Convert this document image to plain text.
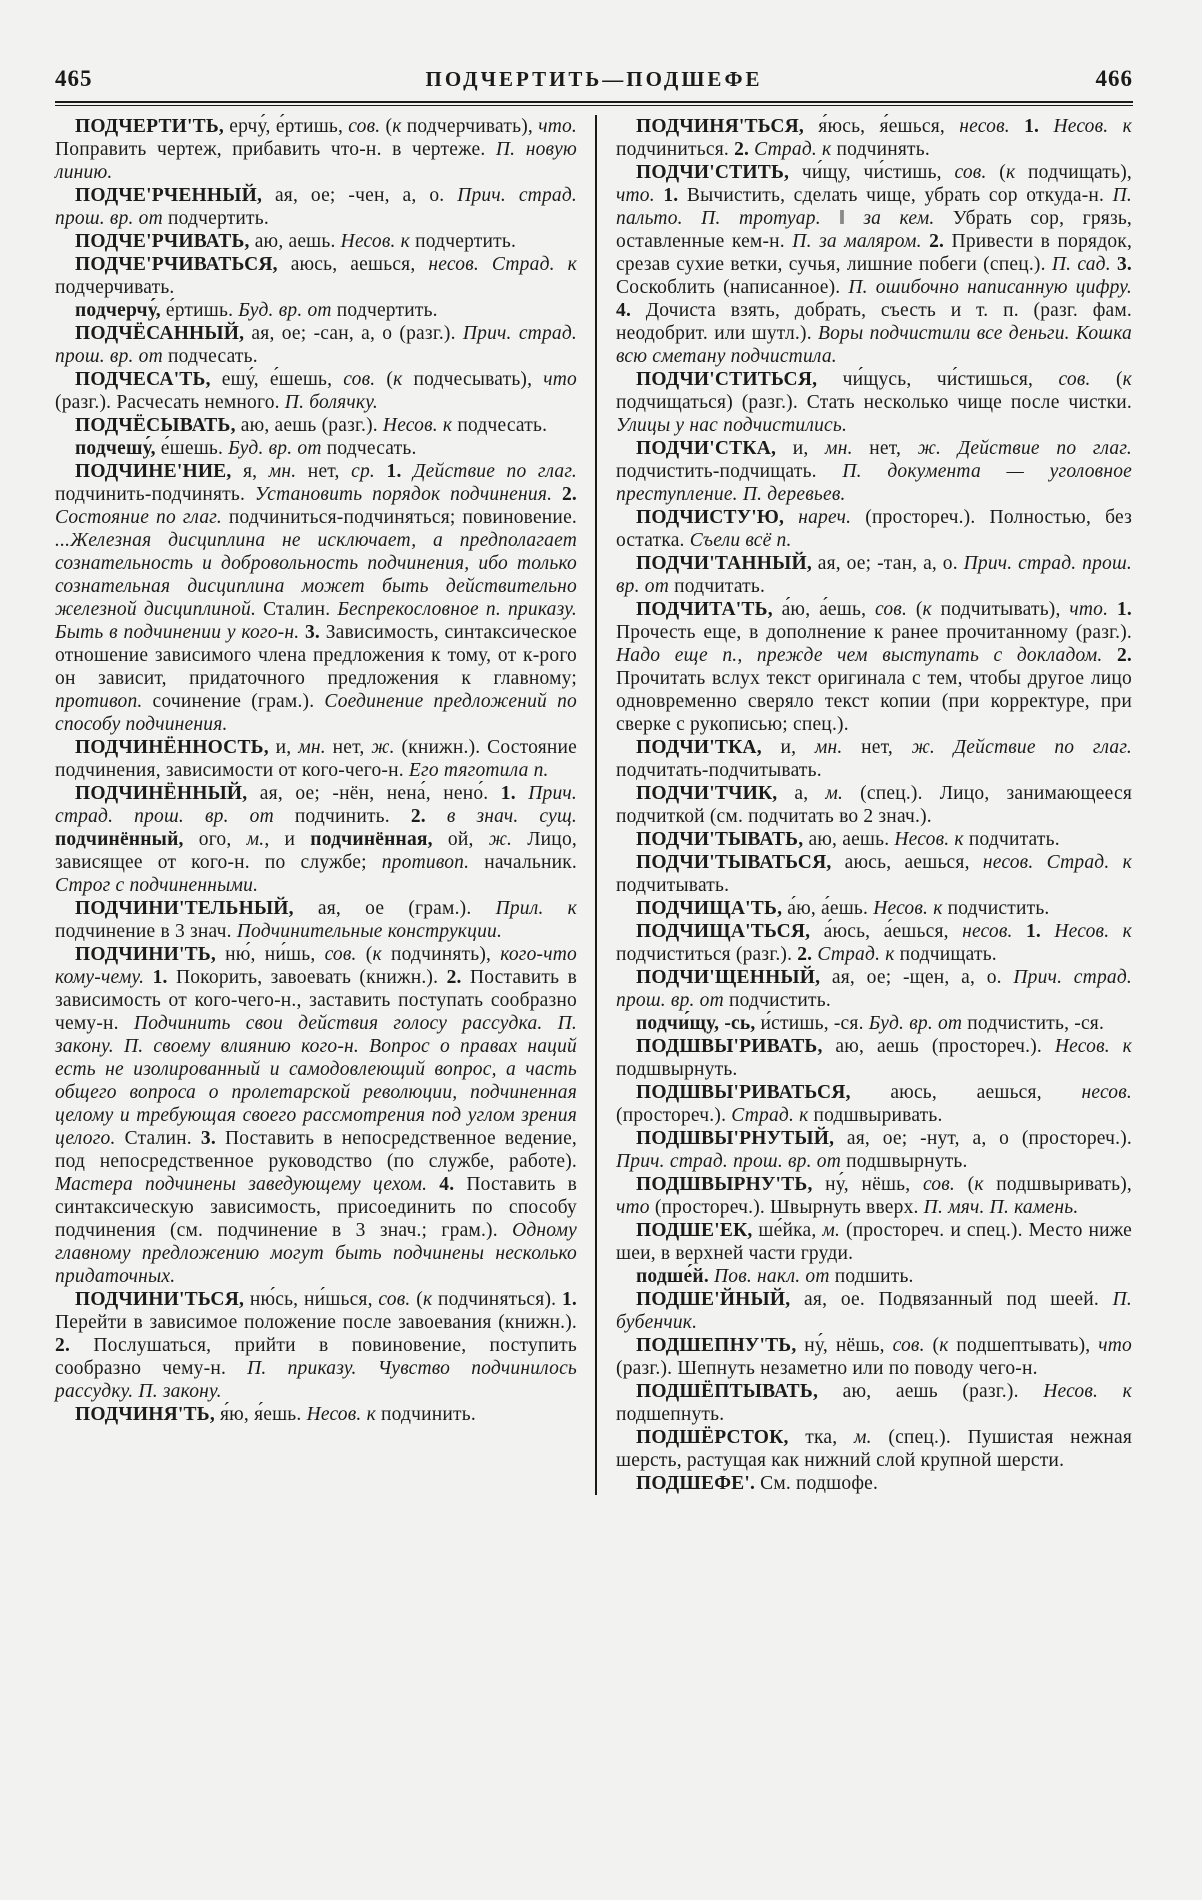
465	ПОДЧЕРТИТЬ—ПОДШЕФЕ	466

ПОДЧЕРТИ'ТЬ, ерчу́, е́ртишь, сов. (к подчерчивать), что. Поправить чертеж, прибавить что-н. в чертеже. П. новую линию.

ПОДЧЕ'РЧЕННЫЙ, ая, ое; -чен, а, о. Прич. страд. прош. вр. от подчертить.

ПОДЧЕ'РЧИВАТЬ, аю, аешь. Несов. к подчертить.

ПОДЧЕ'РЧИВАТЬСЯ, аюсь, аешься, несов. Страд. к подчерчивать.

подчерчу́, е́ртишь. Буд. вр. от подчертить.

ПОДЧЁСАННЫЙ, ая, ое; -сан, а, о (разг.). Прич. страд. прош. вр. от подчесать.

ПОДЧЕСА'ТЬ, ешу́, е́шешь, сов. (к подчесывать), что (разг.). Расчесать немного. П. болячку.

ПОДЧЁСЫВАТЬ, аю, аешь (разг.). Несов. к подчесать.

подчешу́, е́шешь. Буд. вр. от подчесать.

ПОДЧИНЕ'НИЕ, я, мн. нет, ср. 1. Действие по глаг. подчинить-подчинять. Установить порядок подчинения. 2. Состояние по глаг. подчиниться-подчиняться; повиновение. ...Железная дисциплина не исключает, а предполагает сознательность и добровольность подчинения, ибо только сознательная дисциплина может быть действительно железной дисциплиной. Сталин. Беспрекословное п. приказу. Быть в подчинении у кого-н. 3. Зависимость, синтаксическое отношение зависимого члена предложения к тому, от к-рого он зависит, придаточного предложения к главному; противоп. сочинение (грам.). Соединение предложений по способу подчинения.

ПОДЧИНЁННОСТЬ, и, мн. нет, ж. (книжн.). Состояние подчинения, зависимости от кого-чего-н. Его тяготила п.

ПОДЧИНЁННЫЙ, ая, ое; -нён, нена́, нено́. 1. Прич. страд. прош. вр. от подчинить. 2. в знач. сущ. подчинённый, ого, м., и подчинённая, ой, ж. Лицо, зависящее от кого-н. по службе; противоп. начальник. Строг с подчиненными.

ПОДЧИНИ'ТЕЛЬНЫЙ, ая, ое (грам.). Прил. к подчинение в 3 знач. Подчинительные конструкции.

ПОДЧИНИ'ТЬ, ню́, ни́шь, сов. (к подчинять), кого-что кому-чему. 1. Покорить, завоевать (книжн.). 2. Поставить в зависимость от кого-чего-н., заставить поступать сообразно чему-н. Подчинить свои действия голосу рассудка. П. закону. П. своему влиянию кого-н. Вопрос о правах наций есть не изолированный и самодовлеющий вопрос, а часть общего вопроса о пролетарской революции, подчиненная целому и требующая своего рассмотрения под углом зрения целого. Сталин. 3. Поставить в непосредственное ведение, под непосредственное руководство (по службе, работе). Мастера подчинены заведующему цехом. 4. Поставить в синтаксическую зависимость, присоединить по способу подчинения (см. подчинение в 3 знач.; грам.). Одному главному предложению могут быть подчинены несколько придаточных.

ПОДЧИНИ'ТЬСЯ, ню́сь, ни́шься, сов. (к подчиняться). 1. Перейти в зависимое положение после завоевания (книжн.). 2. Послушаться, прийти в повиновение, поступить сообразно чему-н. П. приказу. Чувство подчинилось рассудку. П. закону.

ПОДЧИНЯ'ТЬ, я́ю, я́ешь. Несов. к подчинить.

ПОДЧИНЯ'ТЬСЯ, я́юсь, я́ешься, несов. 1. Несов. к подчиниться. 2. Страд. к подчинять.

ПОДЧИ'СТИТЬ, чи́щу, чи́стишь, сов. (к подчищать), что. 1. Вычистить, сделать чище, убрать сор откуда-н. П. пальто. П. тротуар. ‖ за кем. Убрать сор, грязь, оставленные кем-н. П. за маляром. 2. Привести в порядок, срезав сухие ветки, сучья, лишние побеги (спец.). П. сад. 3. Соскоблить (написанное). П. ошибочно написанную цифру. 4. Дочиста взять, добрать, съесть и т. п. (разг. фам. неодобрит. или шутл.). Воры подчистили все деньги. Кошка всю сметану подчистила.

ПОДЧИ'СТИТЬСЯ, чи́щусь, чи́стишься, сов. (к подчищаться) (разг.). Стать несколько чище после чистки. Улицы у нас подчистились.

ПОДЧИ'СТКА, и, мн. нет, ж. Действие по глаг. подчистить-подчищать. П. документа — уголовное преступление. П. деревьев.

ПОДЧИСТУ'Ю, нареч. (простореч.). Полностью, без остатка. Съели всё п.

ПОДЧИ'ТАННЫЙ, ая, ое; -тан, а, о. Прич. страд. прош. вр. от подчитать.

ПОДЧИТА'ТЬ, а́ю, а́ешь, сов. (к подчитывать), что. 1. Прочесть еще, в дополнение к ранее прочитанному (разг.). Надо еще п., прежде чем выступать с докладом. 2. Прочитать вслух текст оригинала с тем, чтобы другое лицо одновременно сверяло текст копии (при корректуре, при сверке с рукописью; спец.).

ПОДЧИ'ТКА, и, мн. нет, ж. Действие по глаг. подчитать-подчитывать.

ПОДЧИ'ТЧИК, а, м. (спец.). Лицо, занимающееся подчиткой (см. подчитать во 2 знач.).

ПОДЧИ'ТЫВАТЬ, аю, аешь. Несов. к подчитать.

ПОДЧИ'ТЫВАТЬСЯ, аюсь, аешься, несов. Страд. к подчитывать.

ПОДЧИЩА'ТЬ, а́ю, а́ешь. Несов. к подчистить.

ПОДЧИЩА'ТЬСЯ, а́юсь, а́ешься, несов. 1. Несов. к подчиститься (разг.). 2. Страд. к подчищать.

ПОДЧИ'ЩЕННЫЙ, ая, ое; -щен, а, о. Прич. страд. прош. вр. от подчистить.

подчи́щу, -сь, и́стишь, -ся. Буд. вр. от подчистить, -ся.

ПОДШВЫ'РИВАТЬ, аю, аешь (простореч.). Несов. к подшвырнуть.

ПОДШВЫ'РИВАТЬСЯ, аюсь, аешься, несов. (простореч.). Страд. к подшвыривать.

ПОДШВЫ'РНУТЫЙ, ая, ое; -нут, а, о (простореч.). Прич. страд. прош. вр. от подшвырнуть.

ПОДШВЫРНУ'ТЬ, ну́, нёшь, сов. (к подшвыривать), что (простореч.). Швырнуть вверх. П. мяч. П. камень.

ПОДШЕ'ЕК, ше́йка, м. (простореч. и спец.). Место ниже шеи, в верхней части груди.

подше́й. Пов. накл. от подшить.

ПОДШЕ'ЙНЫЙ, ая, ое. Подвязанный под шеей. П. бубенчик.

ПОДШЕПНУ'ТЬ, ну́, нёшь, сов. (к подшептывать), что (разг.). Шепнуть незаметно или по поводу чего-н.

ПОДШЁПТЫВАТЬ, аю, аешь (разг.). Несов. к подшепнуть.

ПОДШЁРСТОК, тка, м. (спец.). Пушистая нежная шерсть, растущая как нижний слой крупной шерсти.

ПОДШЕФЕ'. См. подшофе.
